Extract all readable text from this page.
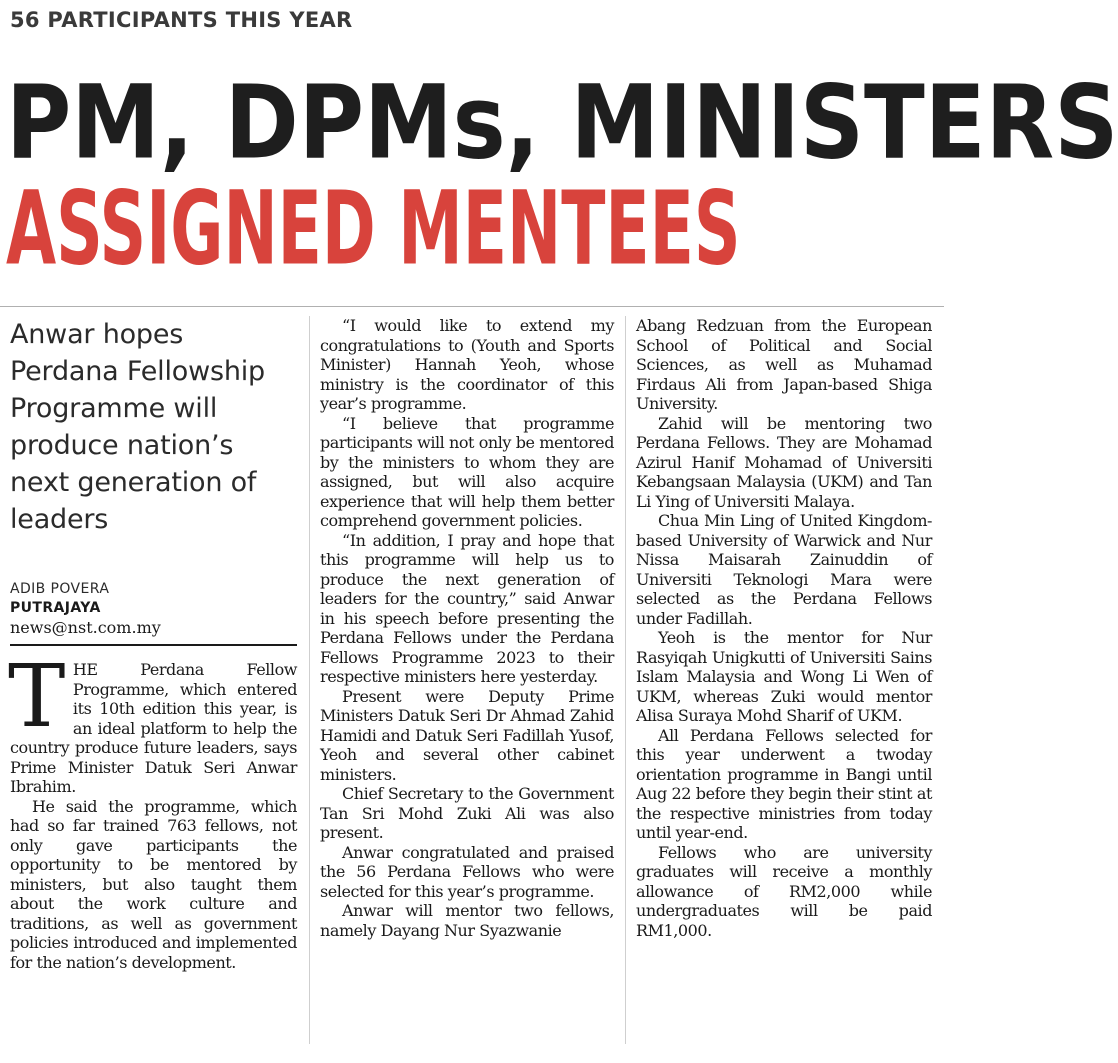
56 PARTICIPANTS THIS YEAR
PM, DPMs, MINISTERS
ASSIGNED MENTEES

Anwar hopes Perdana Fellowship Programme will produce nation’s next generation of leaders

ADIB POVERA
PUTRAJAYA
news@nst.com.my

THE Perdana Fellow Programme, which entered its 10th edition this year, is an ideal platform to help the country produce future leaders, says Prime Minister Datuk Seri Anwar Ibrahim.

He said the programme, which had so far trained 763 fellows, not only gave participants the opportunity to be mentored by ministers, but also taught them about the work culture and traditions, as well as government policies introduced and implemented for the nation’s development.

“I would like to extend my congratulations to (Youth and Sports Minister) Hannah Yeoh, whose ministry is the coordinator of this year’s programme.

“I believe that programme participants will not only be mentored by the ministers to whom they are assigned, but will also acquire experience that will help them better comprehend government policies.

“In addition, I pray and hope that this programme will help us to produce the next generation of leaders for the country,” said Anwar in his speech before presenting the Perdana Fellows under the Perdana Fellows Programme 2023 to their respective ministers here yesterday.

Present were Deputy Prime Ministers Datuk Seri Dr Ahmad Zahid Hamidi and Datuk Seri Fadillah Yusof, Yeoh and several other cabinet ministers.

Chief Secretary to the Government Tan Sri Mohd Zuki Ali was also present.

Anwar congratulated and praised the 56 Perdana Fellows who were selected for this year’s programme.

Anwar will mentor two fellows, namely Dayang Nur Syazwanie

Abang Redzuan from the European School of Political and Social Sciences, as well as Muhamad Firdaus Ali from Japan-based Shiga University.

Zahid will be mentoring two Perdana Fellows. They are Mohamad Azirul Hanif Mohamad of Universiti Kebangsaan Malaysia (UKM) and Tan Li Ying of Universiti Malaya.

Chua Min Ling of United Kingdom-based University of Warwick and Nur Nissa Maisarah Zainuddin of Universiti Teknologi Mara were selected as the Perdana Fellows under Fadillah.

Yeoh is the mentor for Nur Rasyiqah Unigkutti of Universiti Sains Islam Malaysia and Wong Li Wen of UKM, whereas Zuki would mentor Alisa Suraya Mohd Sharif of UKM.

All Perdana Fellows selected for this year underwent a twoday orientation programme in Bangi until Aug 22 before they begin their stint at the respective ministries from today until year-end.

Fellows who are university graduates will receive a monthly allowance of RM2,000 while undergraduates will be paid RM1,000.
